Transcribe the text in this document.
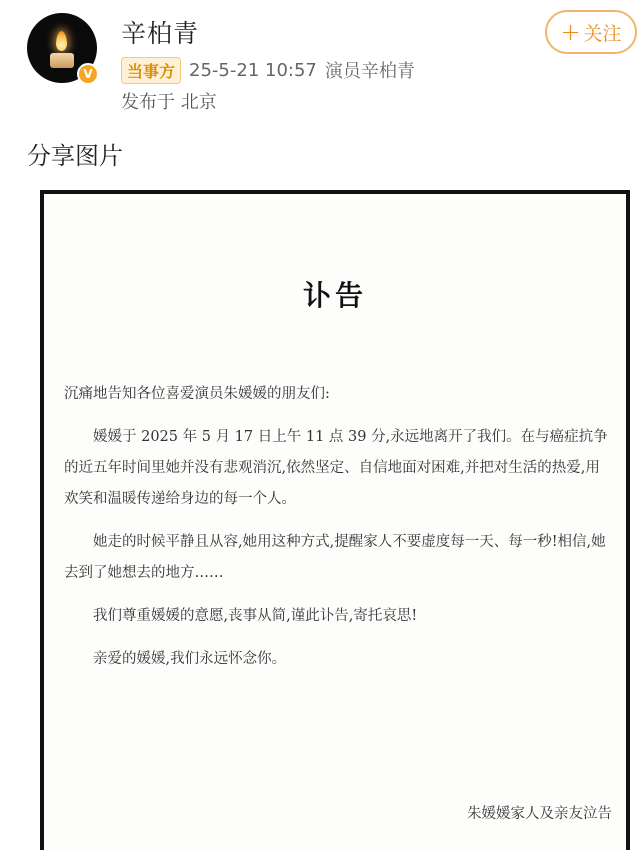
V
辛柏青
当事方 25-5-21 10:57 演员辛柏青
发布于 北京
+ 关注
分享图片
讣告

沉痛地告知各位喜爱演员朱媛媛的朋友们:

媛媛于 2025 年 5 月 17 日上午 11 点 39 分,永远地离开了我们。在与癌症抗争的近五年时间里她并没有悲观消沉,依然坚定、自信地面对困难,并把对生活的热爱,用欢笑和温暖传递给身边的每一个人。

她走的时候平静且从容,她用这种方式,提醒家人不要虚度每一天、每一秒!相信,她去到了她想去的地方……

我们尊重媛媛的意愿,丧事从简,谨此讣告,寄托哀思!

亲爱的媛媛,我们永远怀念你。

朱媛媛家人及亲友泣告
